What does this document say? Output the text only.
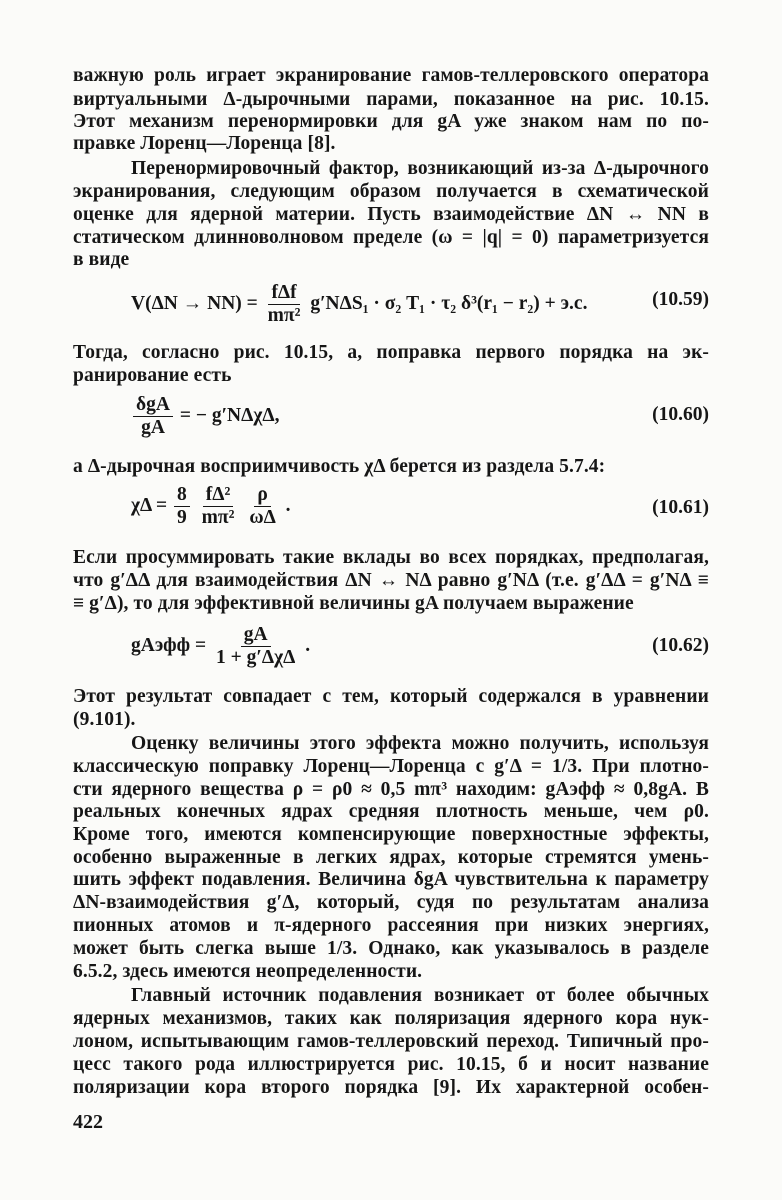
важную роль играет экранирование гамов-теллеровского оператора
виртуальными Δ-дырочными парами, показанное на рис. 10.15.
Этот механизм перенормировки для gA уже знаком нам по по-
правке Лоренц—Лоренца [8].
Перенормировочный фактор, возникающий из-за Δ-дырочного
экранирования, следующим образом получается в схематической
оценке для ядерной материи. Пусть взаимодействие ΔN ↔ NN в
статическом длинноволновом пределе (ω = |q| = 0) параметризуется
в виде
$V(\Delta N \to NN) = \frac{\text{fΔf}}{\text{mπ²}} g'N\Delta S_1 \cdot \sigma_2$ T₁ · τ₂ δ³(r₁ − r₂) + э.с.	(10.59)
Тогда, согласно рис. 10.15, а, поправка первого порядка на эк-
ранирование есть
$\frac{\text{δgA}}{gA}$ = − g′NΔχΔ,	(10.60)
а Δ-дырочная восприимчивость χΔ берется из раздела 5.7.4:
$\chi\Delta = \frac{8}{9}$
$\frac{\text{fΔ²}}{\text{mπ²}}$
$\frac{\rho}{\omega\Delta}$ .	(10.61)
Если просуммировать такие вклады во всех порядках, предполагая,
что g′ΔΔ для взаимодействия ΔN ↔ NΔ равно g′NΔ (т.е. g′ΔΔ = g′NΔ ≡
≡ g′Δ), то для эффективной величины gA получаем выражение
gAэфф = $\frac{gA}{\text{1 + g′ΔχΔ}}$ .	(10.62)
Этот результат совпадает с тем, который содержался в уравнении
(9.101).
Оценку величины этого эффекта можно получить, используя
классическую поправку Лоренц—Лоренца с g′Δ = 1/3. При плотно-
сти ядерного вещества ρ = ρ0 ≈ 0,5 mπ³ находим: gAэфф ≈ 0,8gA. В
реальных конечных ядрах средняя плотность меньше, чем ρ0.
Кроме того, имеются компенсирующие поверхностные эффекты,
особенно выраженные в легких ядрах, которые стремятся умень-
шить эффект подавления. Величина δgA чувствительна к параметру
ΔN-взаимодействия g′Δ, который, судя по результатам анализа
пионных атомов и π-ядерного рассеяния при низких энергиях,
может быть слегка выше 1/3. Однако, как указывалось в разделе
6.5.2, здесь имеются неопределенности.
Главный источник подавления возникает от более обычных
ядерных механизмов, таких как поляризация ядерного кора нук-
лоном, испытывающим гамов-теллеровский переход. Типичный про-
цесс такого рода иллюстрируется рис. 10.15, б и носит название
поляризации кора второго порядка [9]. Их характерной особен-
422
